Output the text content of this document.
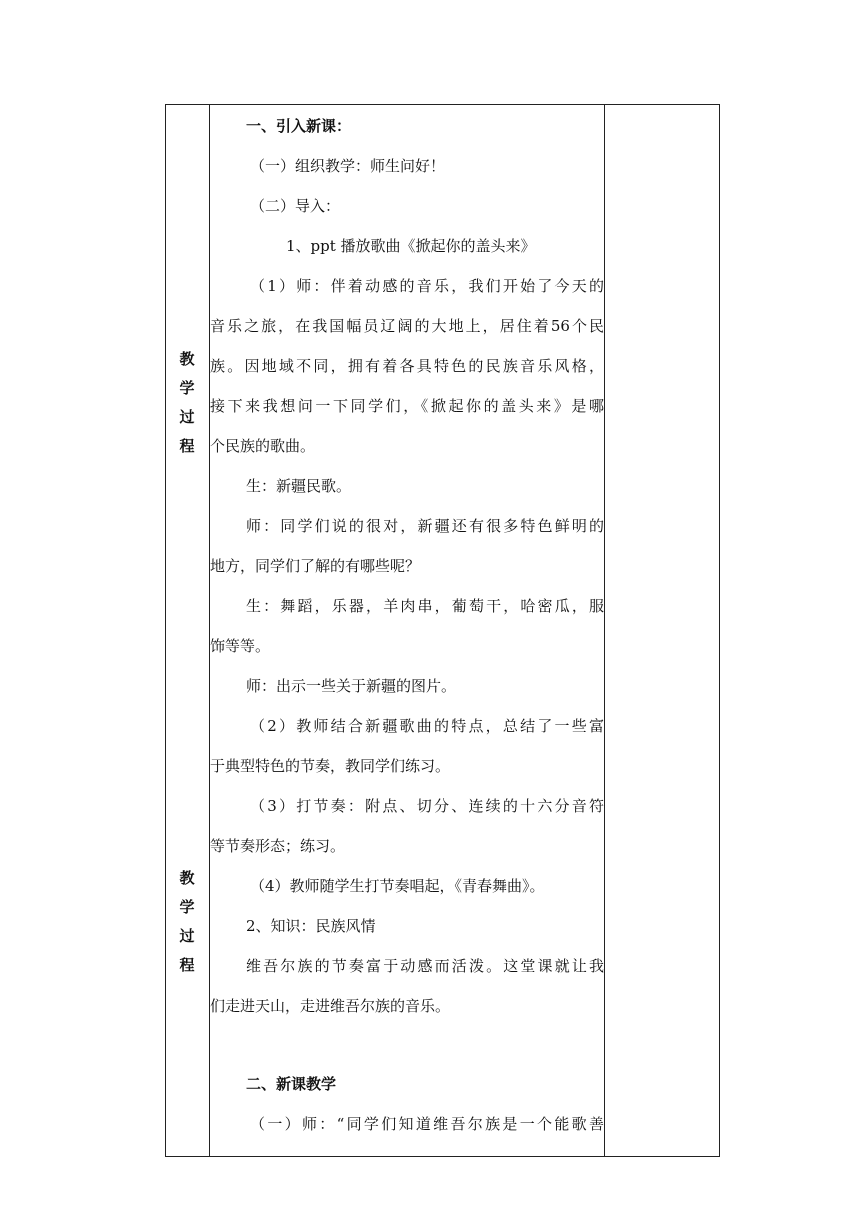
教学过程
教学过程
一、引入新课：
（一）组织教学：师生问好！
（二）导入：
1、ppt 播放歌曲《掀起你的盖头来》
（1）师：伴着动感的音乐，我们开始了今天的
音乐之旅，在我国幅员辽阔的大地上，居住着56个民
族。因地域不同，拥有着各具特色的民族音乐风格，
接下来我想问一下同学们，《掀起你的盖头来》是哪
个民族的歌曲。
生：新疆民歌。
师：同学们说的很对，新疆还有很多特色鲜明的
地方，同学们了解的有哪些呢？
生：舞蹈，乐器，羊肉串，葡萄干，哈密瓜，服
饰等等。
师：出示一些关于新疆的图片。
（2）教师结合新疆歌曲的特点，总结了一些富
于典型特色的节奏，教同学们练习。
（3）打节奏：附点、切分、连续的十六分音符
等节奏形态；练习。
（4）教师随学生打节奏唱起，《青春舞曲》。
2、知识：民族风情
维吾尔族的节奏富于动感而活泼。这堂课就让我
们走进天山，走进维吾尔族的音乐。
二、新课教学
（一）师：“同学们知道维吾尔族是一个能歌善
